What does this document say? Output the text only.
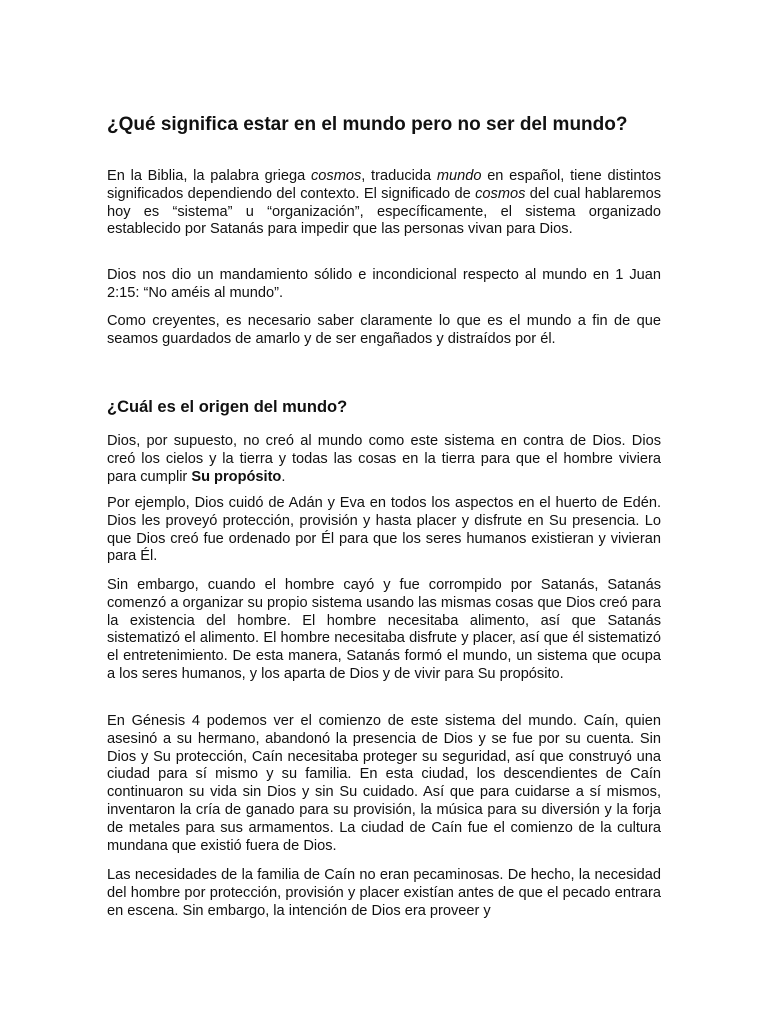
¿Qué significa estar en el mundo pero no ser del mundo?

En la Biblia, la palabra griega cosmos, traducida mundo en español, tiene distintos significados dependiendo del contexto. El significado de cosmos del cual hablaremos hoy es “sistema” u “organización”, específicamente, el sistema organizado establecido por Satanás para impedir que las personas vivan para Dios.

Dios nos dio un mandamiento sólido e incondicional respecto al mundo en 1 Juan 2:15: “No améis al mundo”.

Como creyentes, es necesario saber claramente lo que es el mundo a fin de que seamos guardados de amarlo y de ser engañados y distraídos por él.

¿Cuál es el origen del mundo?

Dios, por supuesto, no creó al mundo como este sistema en contra de Dios. Dios creó los cielos y la tierra y todas las cosas en la tierra para que el hombre viviera para cumplir Su propósito.

Por ejemplo, Dios cuidó de Adán y Eva en todos los aspectos en el huerto de Edén. Dios les proveyó protección, provisión y hasta placer y disfrute en Su presencia. Lo que Dios creó fue ordenado por Él para que los seres humanos existieran y vivieran para Él.

Sin embargo, cuando el hombre cayó y fue corrompido por Satanás, Satanás comenzó a organizar su propio sistema usando las mismas cosas que Dios creó para la existencia del hombre. El hombre necesitaba alimento, así que Satanás sistematizó el alimento. El hombre necesitaba disfrute y placer, así que él sistematizó el entretenimiento. De esta manera, Satanás formó el mundo, un sistema que ocupa a los seres humanos, y los aparta de Dios y de vivir para Su propósito.

En Génesis 4 podemos ver el comienzo de este sistema del mundo. Caín, quien asesinó a su hermano, abandonó la presencia de Dios y se fue por su cuenta. Sin Dios y Su protección, Caín necesitaba proteger su seguridad, así que construyó una ciudad para sí mismo y su familia. En esta ciudad, los descendientes de Caín continuaron su vida sin Dios y sin Su cuidado. Así que para cuidarse a sí mismos, inventaron la cría de ganado para su provisión, la música para su diversión y la forja de metales para sus armamentos. La ciudad de Caín fue el comienzo de la cultura mundana que existió fuera de Dios.

Las necesidades de la familia de Caín no eran pecaminosas. De hecho, la necesidad del hombre por protección, provisión y placer existían antes de que el pecado entrara en escena. Sin embargo, la intención de Dios era proveer y
